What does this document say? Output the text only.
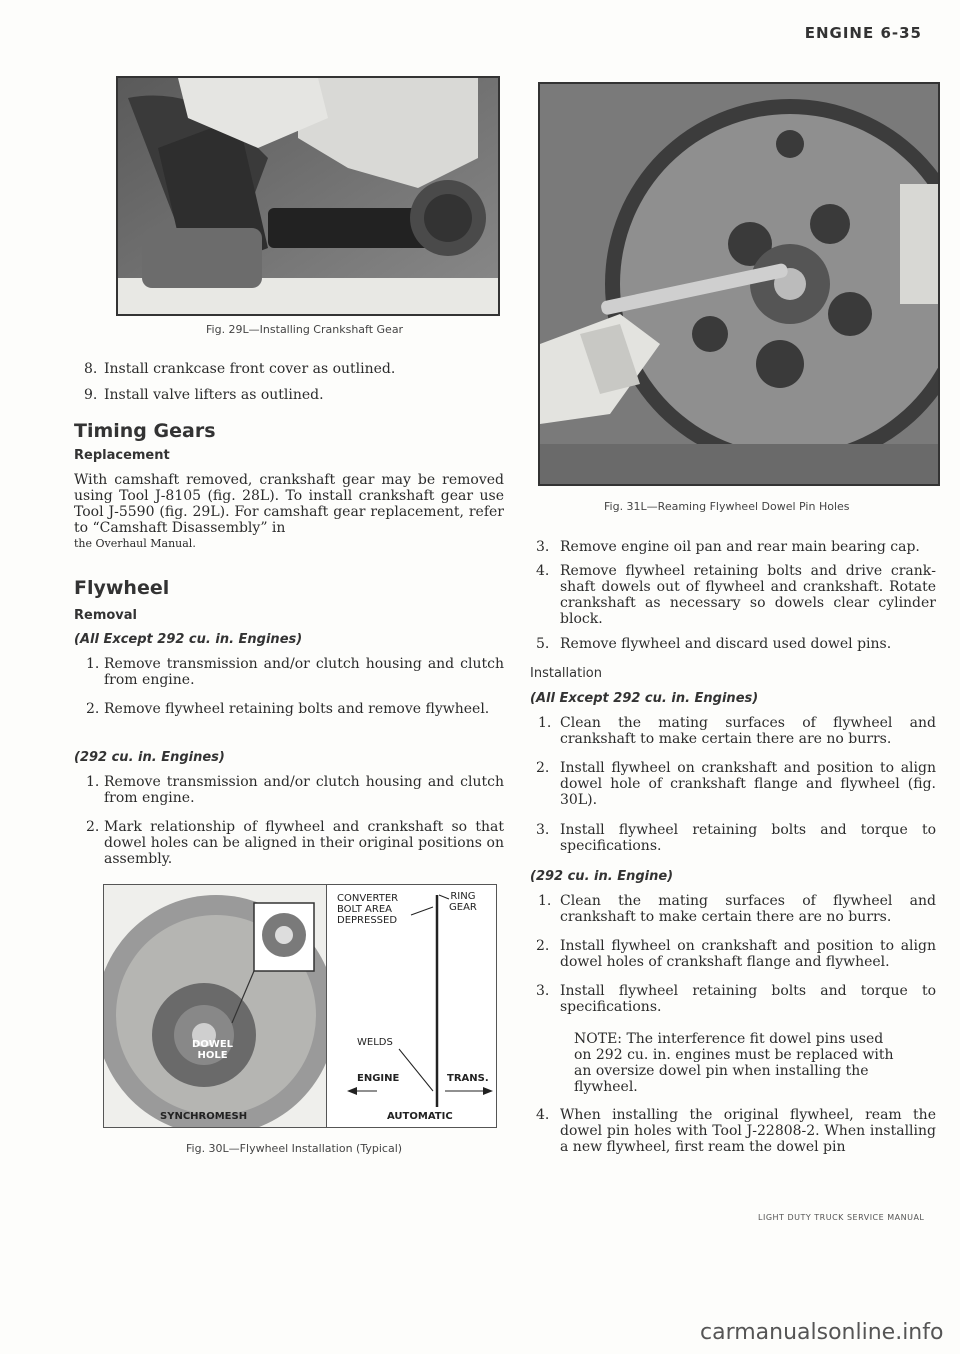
ENGINE 6-35
Fig. 29L—Installing Crankshaft Gear
8. Install crankcase front cover as outlined.
9. Install valve lifters as outlined.
Timing Gears
Replacement
With camshaft removed, crankshaft gear may be removed using Tool J-8105 (fig. 28L). To install crankshaft gear use Tool J-5590 (fig. 29L). For camshaft gear replacement, refer to “Camshaft Disassembly” in
the Overhaul Manual.
Flywheel
Removal
(All Except 292 cu. in. Engines)
1. Remove transmission and/or clutch housing and clutch from engine.
2. Remove flywheel retaining bolts and remove flywheel.
(292 cu. in. Engines)
1. Remove transmission and/or clutch housing and clutch from engine.
2. Mark relationship of flywheel and crankshaft so that dowel holes can be aligned in their original positions on assembly.
DOWEL
HOLE
SYNCHROMESH
CONVERTER
BOLT AREA
DEPRESSED
RING
GEAR
WELDS
ENGINE	TRANS.
AUTOMATIC
Fig. 30L—Flywheel Installation (Typical)
Fig. 31L—Reaming Flywheel Dowel Pin Holes
3. Remove engine oil pan and rear main bearing cap.
4. Remove flywheel retaining bolts and drive crankshaft dowels out of flywheel and crankshaft. Rotate crankshaft as necessary so dowels clear cylinder block.
5. Remove flywheel and discard used dowel pins.
Installation
(All Except 292 cu. in. Engines)
1. Clean the mating surfaces of flywheel and crankshaft to make certain there are no burrs.
2. Install flywheel on crankshaft and position to align dowel hole of crankshaft flange and flywheel (fig. 30L).
3. Install flywheel retaining bolts and torque to specifications.
(292 cu. in. Engine)
1. Clean the mating surfaces of flywheel and crankshaft to make certain there are no burrs.
2. Install flywheel on crankshaft and position to align dowel holes of crankshaft flange and flywheel.
3. Install flywheel retaining bolts and torque to specifications.
NOTE: The interference fit dowel pins used on 292 cu. in. engines must be replaced with an oversize dowel pin when installing the flywheel.
4. When installing the original flywheel, ream the dowel pin holes with Tool J-22808-2. When installing a new flywheel, first ream the dowel pin
LIGHT DUTY TRUCK SERVICE MANUAL
carmanualsonline.info
